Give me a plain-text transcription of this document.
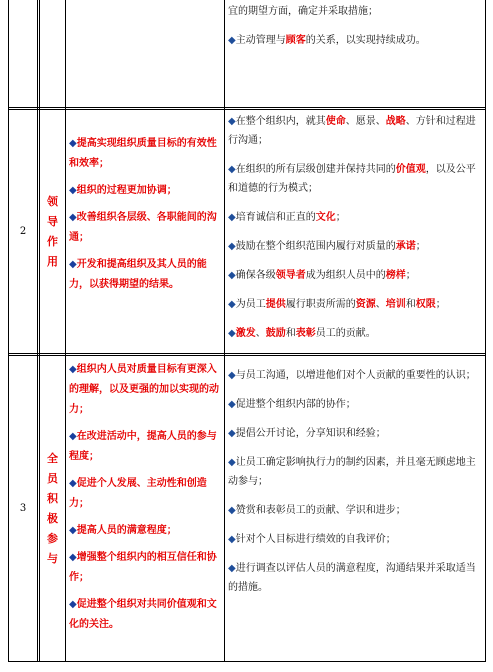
宜的期望方面，确定并采取措施；

◆主动管理与顾客的关系，以实现持续成功。

2
领导作用

◆提高实现组织质量目标的有效性和效率；

◆组织的过程更加协调；

◆改善组织各层级、各职能间的沟通；

◆开发和提高组织及其人员的能力，以获得期望的结果。

◆在整个组织内，就其使命、愿景、战略、方针和过程进行沟通；

◆在组织的所有层级创建并保持共同的价值观，以及公平和道德的行为模式；

◆培育诚信和正直的文化；

◆鼓励在整个组织范围内履行对质量的承诺；

◆确保各级领导者成为组织人员中的榜样；

◆为员工提供履行职责所需的资源、培训和权限；

◆激发、鼓励和表彰员工的贡献。

3
全员积极参与

◆组织内人员对质量目标有更深入的理解，以及更强的加以实现的动力；

◆在改进活动中，提高人员的参与程度；

◆促进个人发展、主动性和创造力；

◆提高人员的满意程度；

◆增强整个组织内的相互信任和协作；

◆促进整个组织对共同价值观和文化的关注。

◆与员工沟通，以增进他们对个人贡献的重要性的认识；

◆促进整个组织内部的协作；

◆提倡公开讨论，分享知识和经验；

◆让员工确定影响执行力的制约因素，并且毫无顾虑地主动参与；

◆赞赏和表彰员工的贡献、学识和进步；

◆针对个人目标进行绩效的自我评价；

◆进行调查以评估人员的满意程度，沟通结果并采取适当的措施。
